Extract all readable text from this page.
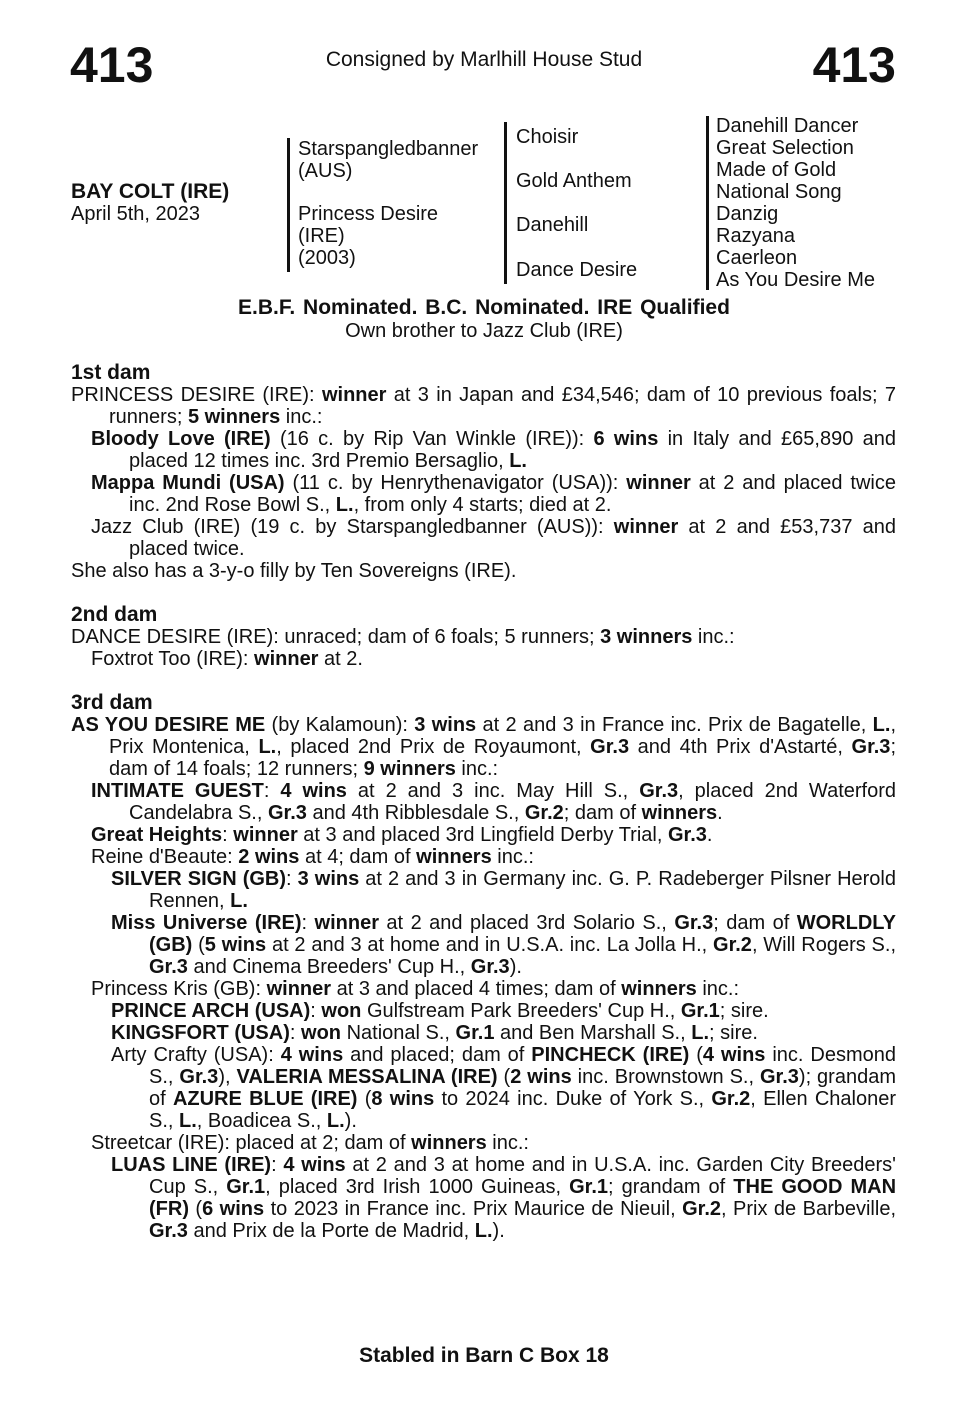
413	Consigned by Marlhill House Stud	413
BAY COLT (IRE)
April 5th, 2023
Starspangledbanner
(AUS)
Princess Desire
(IRE)
(2003)
Choisir
Gold Anthem
Danehill
Dance Desire
Danehill Dancer
Great Selection
Made of Gold
National Song
Danzig
Razyana
Caerleon
As You Desire Me
E.B.F. Nominated. B.C. Nominated. IRE Qualified
Own brother to Jazz Club (IRE)

1st dam

PRINCESS DESIRE (IRE): winner at 3 in Japan and £34,546; dam of 10 previous foals; 7 runners; 5 winners inc.:

Bloody Love (IRE) (16 c. by Rip Van Winkle (IRE)): 6 wins in Italy and £65,890 and placed 12 times inc. 3rd Premio Bersaglio, L.

Mappa Mundi (USA) (11 c. by Henrythenavigator (USA)): winner at 2 and placed twice inc. 2nd Rose Bowl S., L., from only 4 starts; died at 2.

Jazz Club (IRE) (19 c. by Starspangledbanner (AUS)): winner at 2 and £53,737 and placed twice.

She also has a 3-y-o filly by Ten Sovereigns (IRE).

2nd dam

DANCE DESIRE (IRE): unraced; dam of 6 foals; 5 runners; 3 winners inc.:

Foxtrot Too (IRE): winner at 2.

3rd dam

AS YOU DESIRE ME (by Kalamoun): 3 wins at 2 and 3 in France inc. Prix de Bagatelle, L., Prix Montenica, L., placed 2nd Prix de Royaumont, Gr.3 and 4th Prix d'Astarté, Gr.3; dam of 14 foals; 12 runners; 9 winners inc.:

INTIMATE GUEST: 4 wins at 2 and 3 inc. May Hill S., Gr.3, placed 2nd Waterford Candelabra S., Gr.3 and 4th Ribblesdale S., Gr.2; dam of winners.

Great Heights: winner at 3 and placed 3rd Lingfield Derby Trial, Gr.3.

Reine d'Beaute: 2 wins at 4; dam of winners inc.:

SILVER SIGN (GB): 3 wins at 2 and 3 in Germany inc. G. P. Radeberger Pilsner Herold Rennen, L.

Miss Universe (IRE): winner at 2 and placed 3rd Solario S., Gr.3; dam of WORLDLY (GB) (5 wins at 2 and 3 at home and in U.S.A. inc. La Jolla H., Gr.2, Will Rogers S., Gr.3 and Cinema Breeders' Cup H., Gr.3).

Princess Kris (GB): winner at 3 and placed 4 times; dam of winners inc.:

PRINCE ARCH (USA): won Gulfstream Park Breeders' Cup H., Gr.1; sire.

KINGSFORT (USA): won National S., Gr.1 and Ben Marshall S., L.; sire.

Arty Crafty (USA): 4 wins and placed; dam of PINCHECK (IRE) (4 wins inc. Desmond S., Gr.3), VALERIA MESSALINA (IRE) (2 wins inc. Brownstown S., Gr.3); grandam of AZURE BLUE (IRE) (8 wins to 2024 inc. Duke of York S., Gr.2, Ellen Chaloner S., L., Boadicea S., L.).

Streetcar (IRE): placed at 2; dam of winners inc.:

LUAS LINE (IRE): 4 wins at 2 and 3 at home and in U.S.A. inc. Garden City Breeders' Cup S., Gr.1, placed 3rd Irish 1000 Guineas, Gr.1; grandam of THE GOOD MAN (FR) (6 wins to 2023 in France inc. Prix Maurice de Nieuil, Gr.2, Prix de Barbeville, Gr.3 and Prix de la Porte de Madrid, L.).

Stabled in Barn C Box 18
